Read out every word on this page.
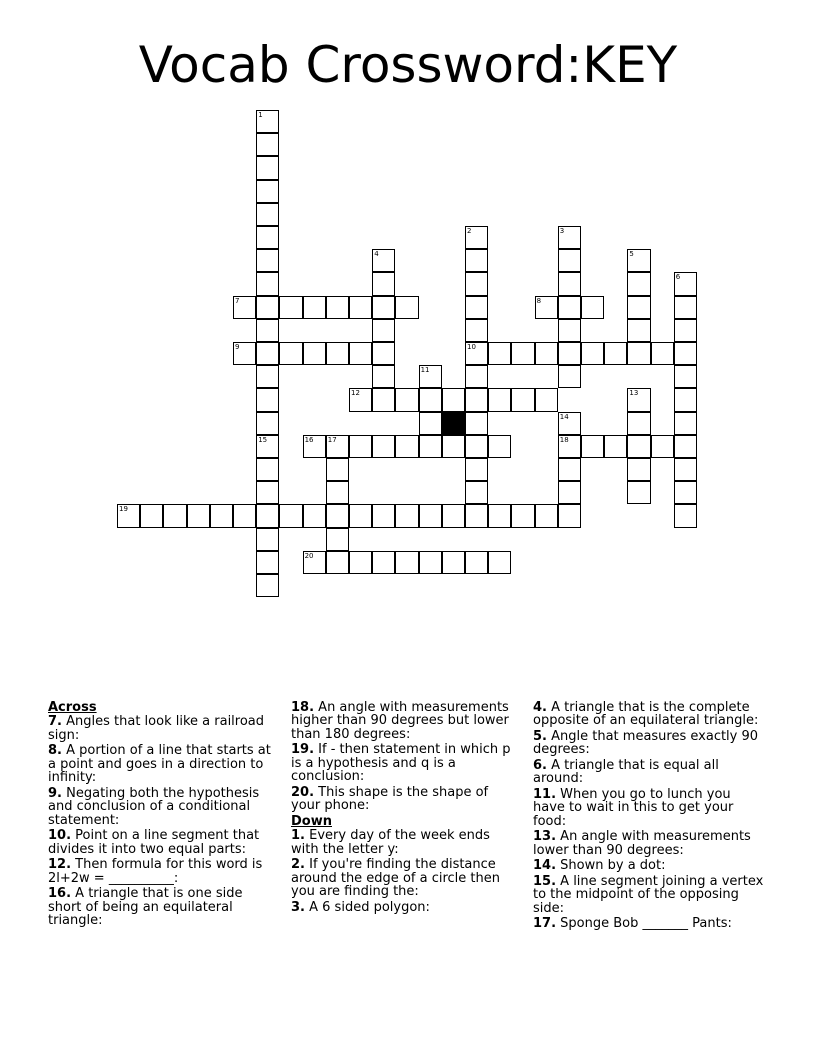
Vocab Crossword:KEY
1
15
2
10
3
4	5
6
7	8
9
11
12	13
14
18
16 17
19
20
Across
7. Angles that look like a railroad sign:
8. A portion of a line that starts at a point and goes in a direction to infinity:
9. Negating both the hypothesis and conclusion of a conditional statement:
10. Point on a line segment that divides it into two equal parts:
12. Then formula for this word is 2l+2w = __________:
16. A triangle that is one side short of being an equilateral triangle:
18. An angle with measurements higher than 90 degrees but lower than 180 degrees:
19. If - then statement in which p is a hypothesis and q is a conclusion:
20. This shape is the shape of your phone:
Down
1. Every day of the week ends with the letter y:
2. If you're finding the distance around the edge of a circle then you are finding the:
3. A 6 sided polygon:
4. A triangle that is the complete opposite of an equilateral triangle:
5. Angle that measures exactly 90 degrees:
6. A triangle that is equal all around:
11. When you go to lunch you have to wait in this to get your food:
13. An angle with measurements lower than 90 degrees:
14. Shown by a dot:
15. A line segment joining a vertex to the midpoint of the opposing side:
17. Sponge Bob _______ Pants:
